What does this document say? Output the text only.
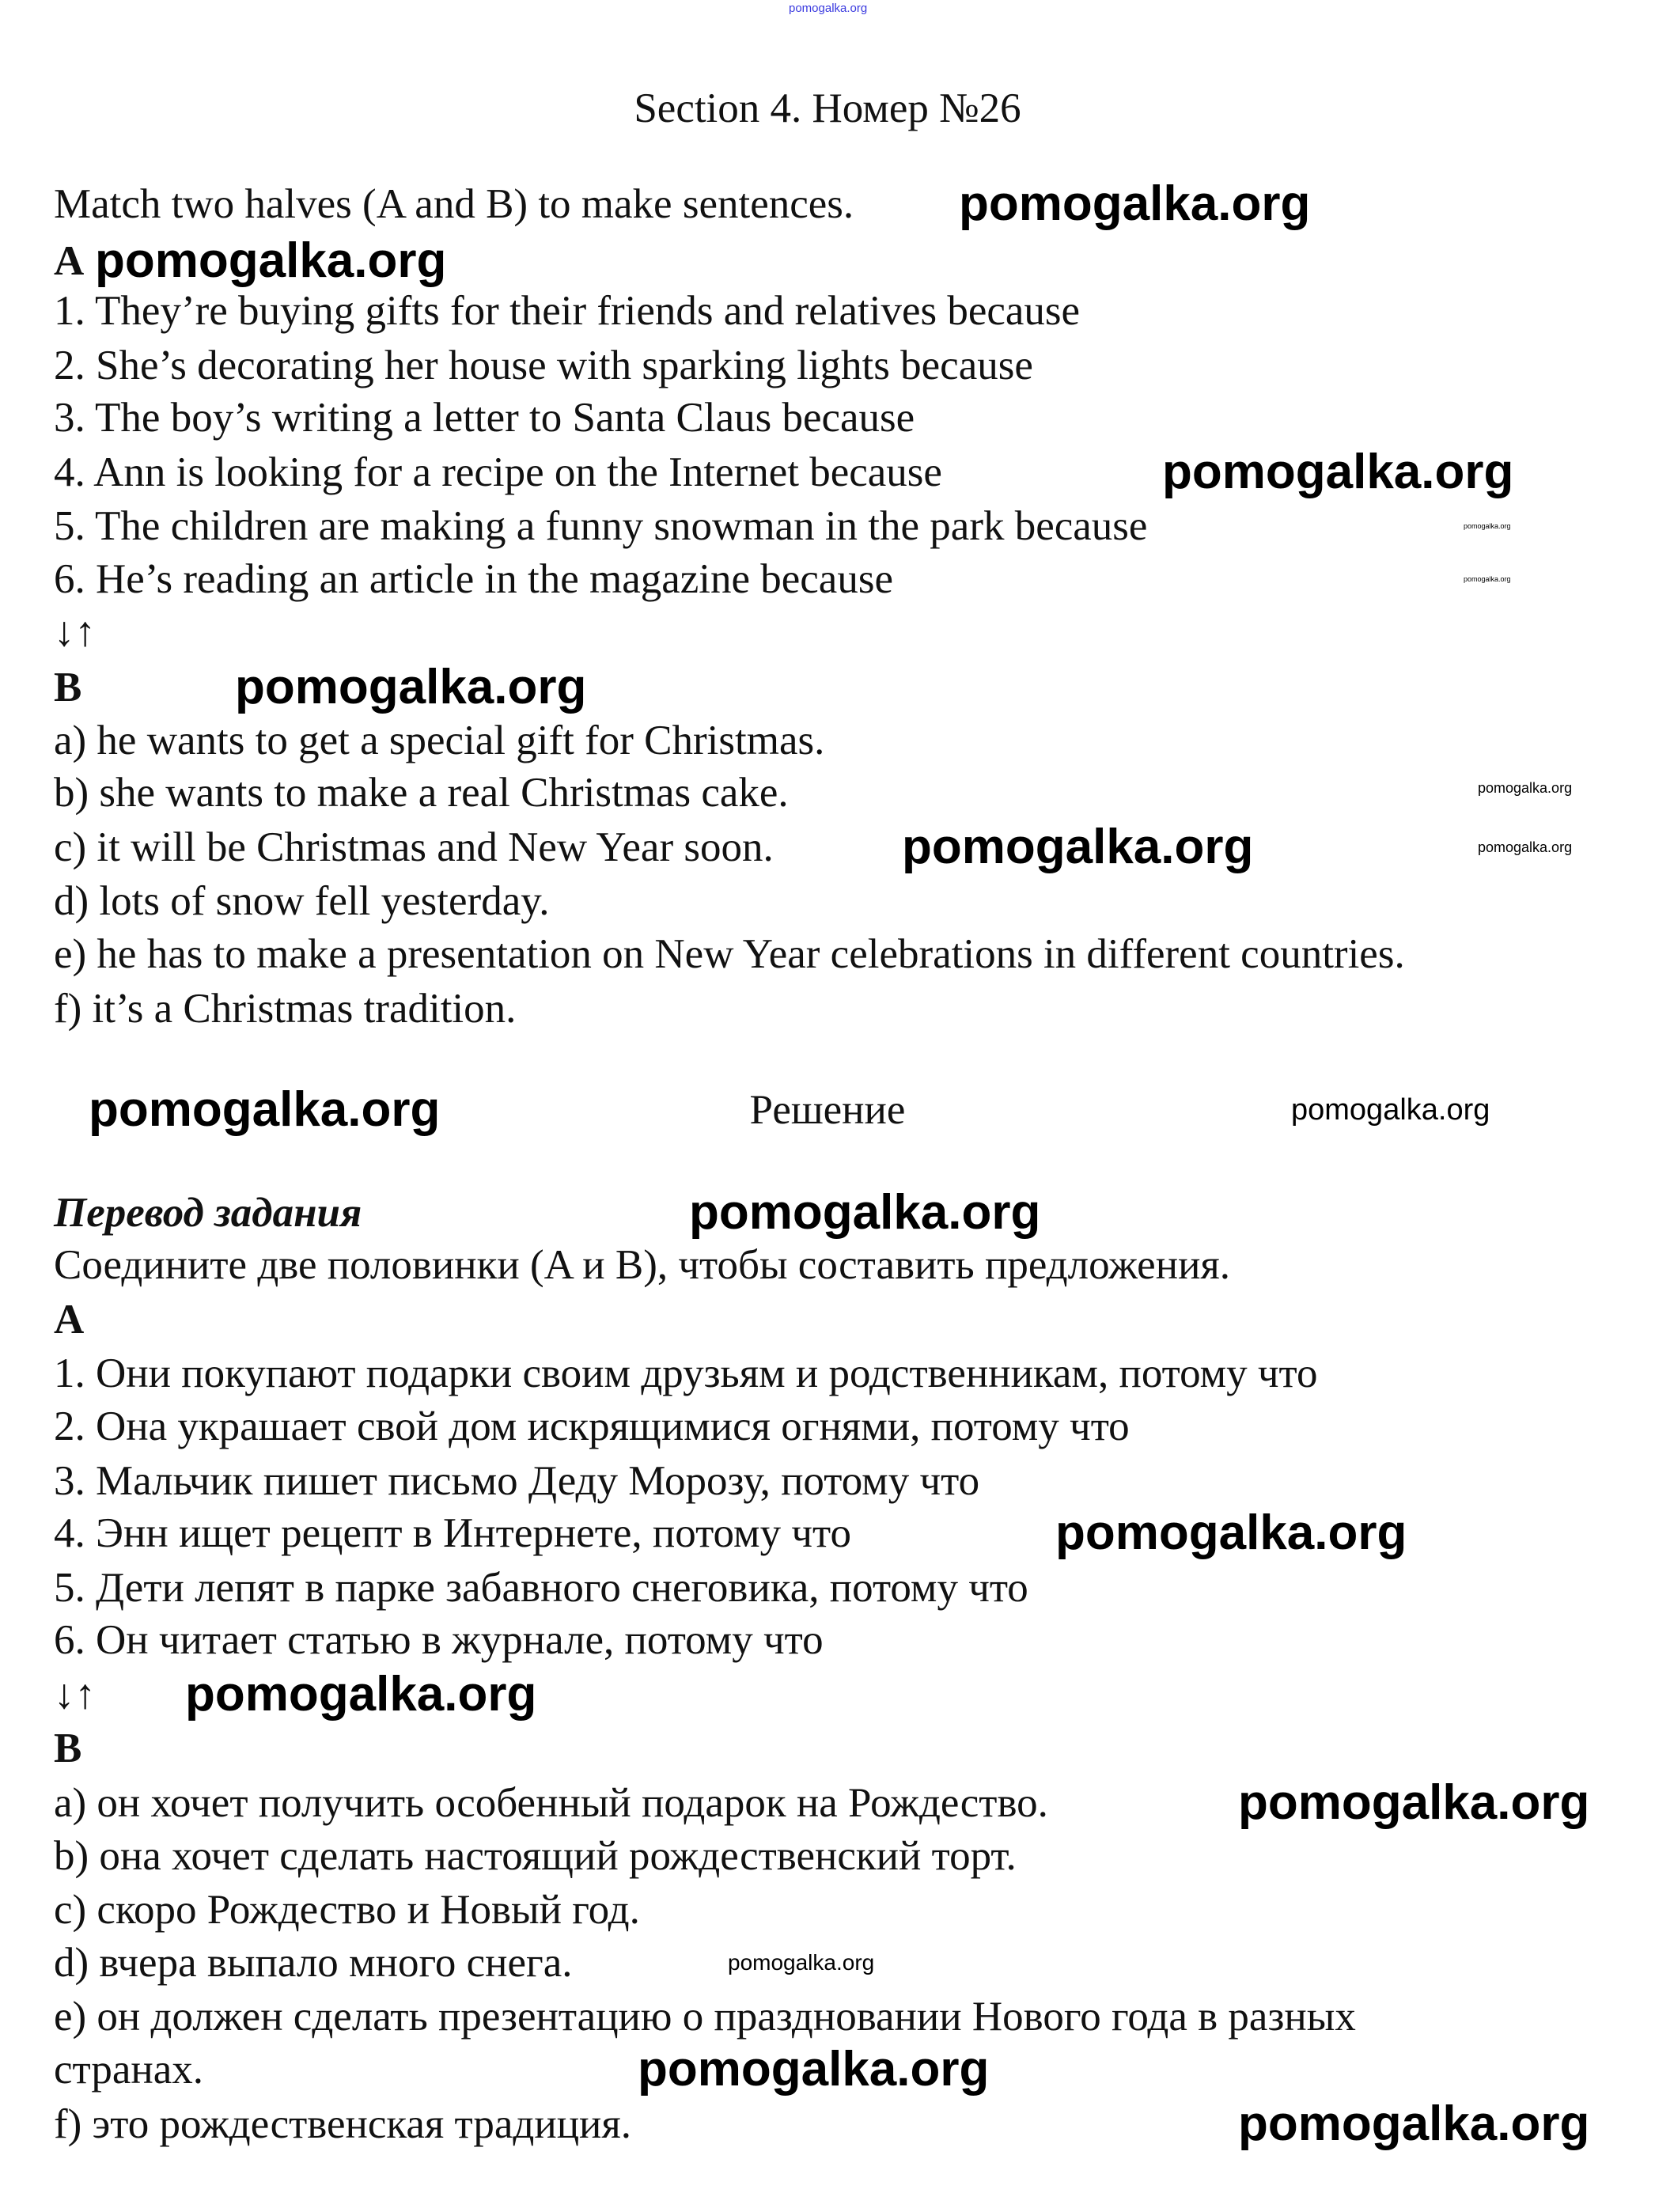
pomogalka.org
pomogalka.org
pomogalka.org
pomogalka.org
pomogalka.org
pomogalka.org
pomogalka.org
pomogalka.org
pomogalka.org
pomogalka.org
pomogalka.org
pomogalka.org
pomogalka.org
pomogalka.org
pomogalka.org
pomogalka.org
pomogalka.org
pomogalka.org
pomogalka.org
Section 4. Номер №26
Match two halves (A and B) to make sentences.
A
1. They’re buying gifts for their friends and relatives because
2. She’s decorating her house with sparking lights because
3. The boy’s writing a letter to Santa Claus because
4. Ann is looking for a recipe on the Internet because
5. The children are making a funny snowman in the park because
6. He’s reading an article in the magazine because
↓↑
B
a) he wants to get a special gift for Christmas.
b) she wants to make a real Christmas cake.
c) it will be Christmas and New Year soon.
d) lots of snow fell yesterday.
e) he has to make a presentation on New Year celebrations in different countries.
f) it’s a Christmas tradition.
Решение
Перевод задания
Соедините две половинки (A и B), чтобы составить предложения.
A
1. Они покупают подарки своим друзьям и родственникам, потому что
2. Она украшает свой дом искрящимися огнями, потому что
3. Мальчик пишет письмо Деду Морозу, потому что
4. Энн ищет рецепт в Интернете, потому что
5. Дети лепят в парке забавного снеговика, потому что
6. Он читает статью в журнале, потому что
↓↑
B
a) он хочет получить особенный подарок на Рождество.
b) она хочет сделать настоящий рождественский торт.
c) скоро Рождество и Новый год.
d) вчера выпало много снега.
e) он должен сделать презентацию о праздновании Нового года в разных
странах.
f) это рождественская традиция.
